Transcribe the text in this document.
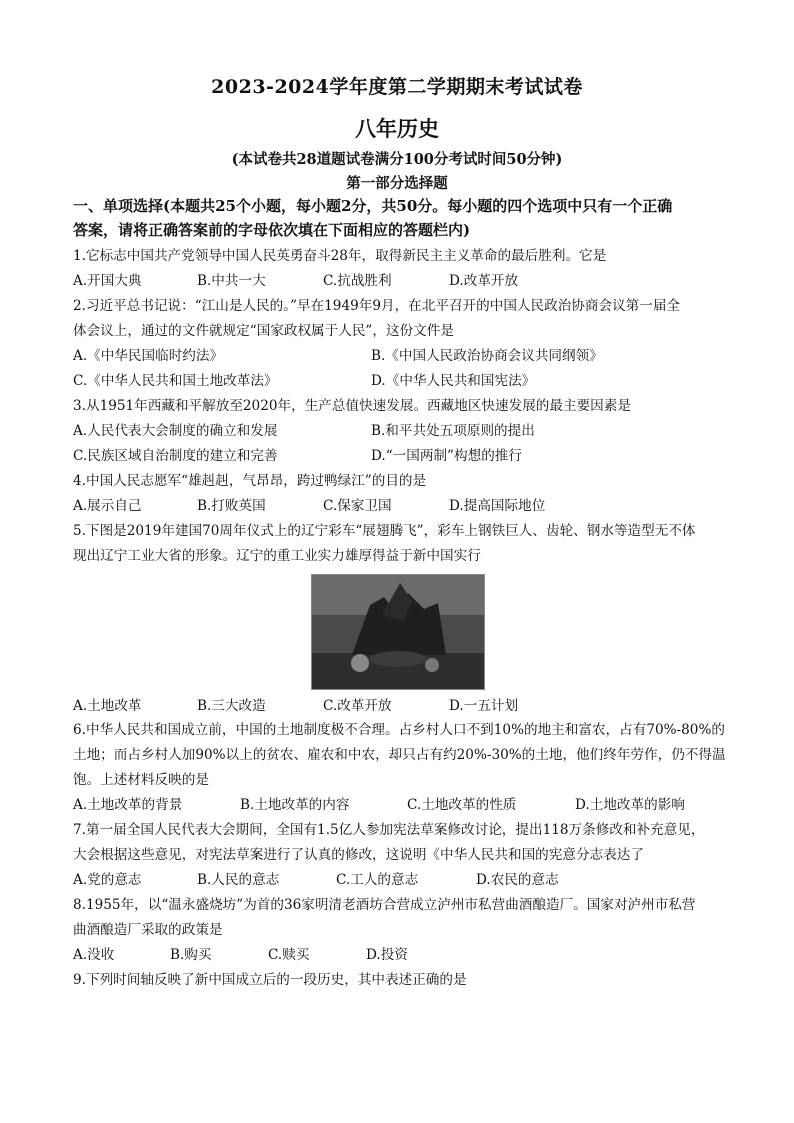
2023-2024学年度第二学期期末考试试卷
八年历史
(本试卷共28道题试卷满分100分考试时间50分钟)
第一部分选择题
一、单项选择(本题共25个小题，每小题2分，共50分。每小题的四个选项中只有一个正确
答案，请将正确答案前的字母依次填在下面相应的答题栏内)
1.它标志中国共产党领导中国人民英勇奋斗28年，取得新民主主义革命的最后胜利。它是
A.开国大典	B.中共一大	C.抗战胜利	D.改革开放
2.习近平总书记说：“江山是人民的。”早在1949年9月，在北平召开的中国人民政治协商会议第一届全
体会议上，通过的文件就规定“国家政权属于人民”，这份文件是
A.《中华民国临时约法》	B.《中国人民政治协商会议共同纲领》
C.《中华人民共和国土地改革法》	D.《中华人民共和国宪法》
3.从1951年西藏和平解放至2020年，生产总值快速发展。西藏地区快速发展的最主要因素是
A.人民代表大会制度的确立和发展	B.和平共处五项原则的提出
C.民族区域自治制度的建立和完善	D.“一国两制”构想的推行
4.中国人民志愿军“雄赳赳，气昂昂，跨过鸭绿江”的目的是
A.展示自己	B.打败英国	C.保家卫国	D.提高国际地位
5.下图是2019年建国70周年仪式上的辽宁彩车“展翅腾飞”，彩车上钢铁巨人、齿轮、钢水等造型无不体
现出辽宁工业大省的形象。辽宁的重工业实力雄厚得益于新中国实行
A.土地改革	B.三大改造	C.改革开放	D.一五计划
6.中华人民共和国成立前，中国的土地制度极不合理。占乡村人口不到10%的地主和富农，占有70%-80%的
土地；而占乡村人加90%以上的贫农、雇农和中农，却只占有约20%-30%的土地，他们终年劳作，仍不得温
饱。上述材料反映的是
A.土地改革的背景	B.土地改革的内容	C.土地改革的性质	D.土地改革的影响
7.第一届全国人民代表大会期间，全国有1.5亿人参加宪法草案修改讨论，提出118万条修改和补充意见，
大会根据这些意见，对宪法草案进行了认真的修改，这说明《中华人民共和国的宪意分志表达了
A.党的意志	B.人民的意志	C.工人的意志	D.农民的意志
8.1955年，以“温永盛烧坊”为首的36家明清老酒坊合营成立泸州市私营曲酒酿造厂。国家对泸州市私营
曲酒酿造厂采取的政策是
A.没收	B.购买	C.赎买	D.投资
9.下列时间轴反映了新中国成立后的一段历史，其中表述正确的是
